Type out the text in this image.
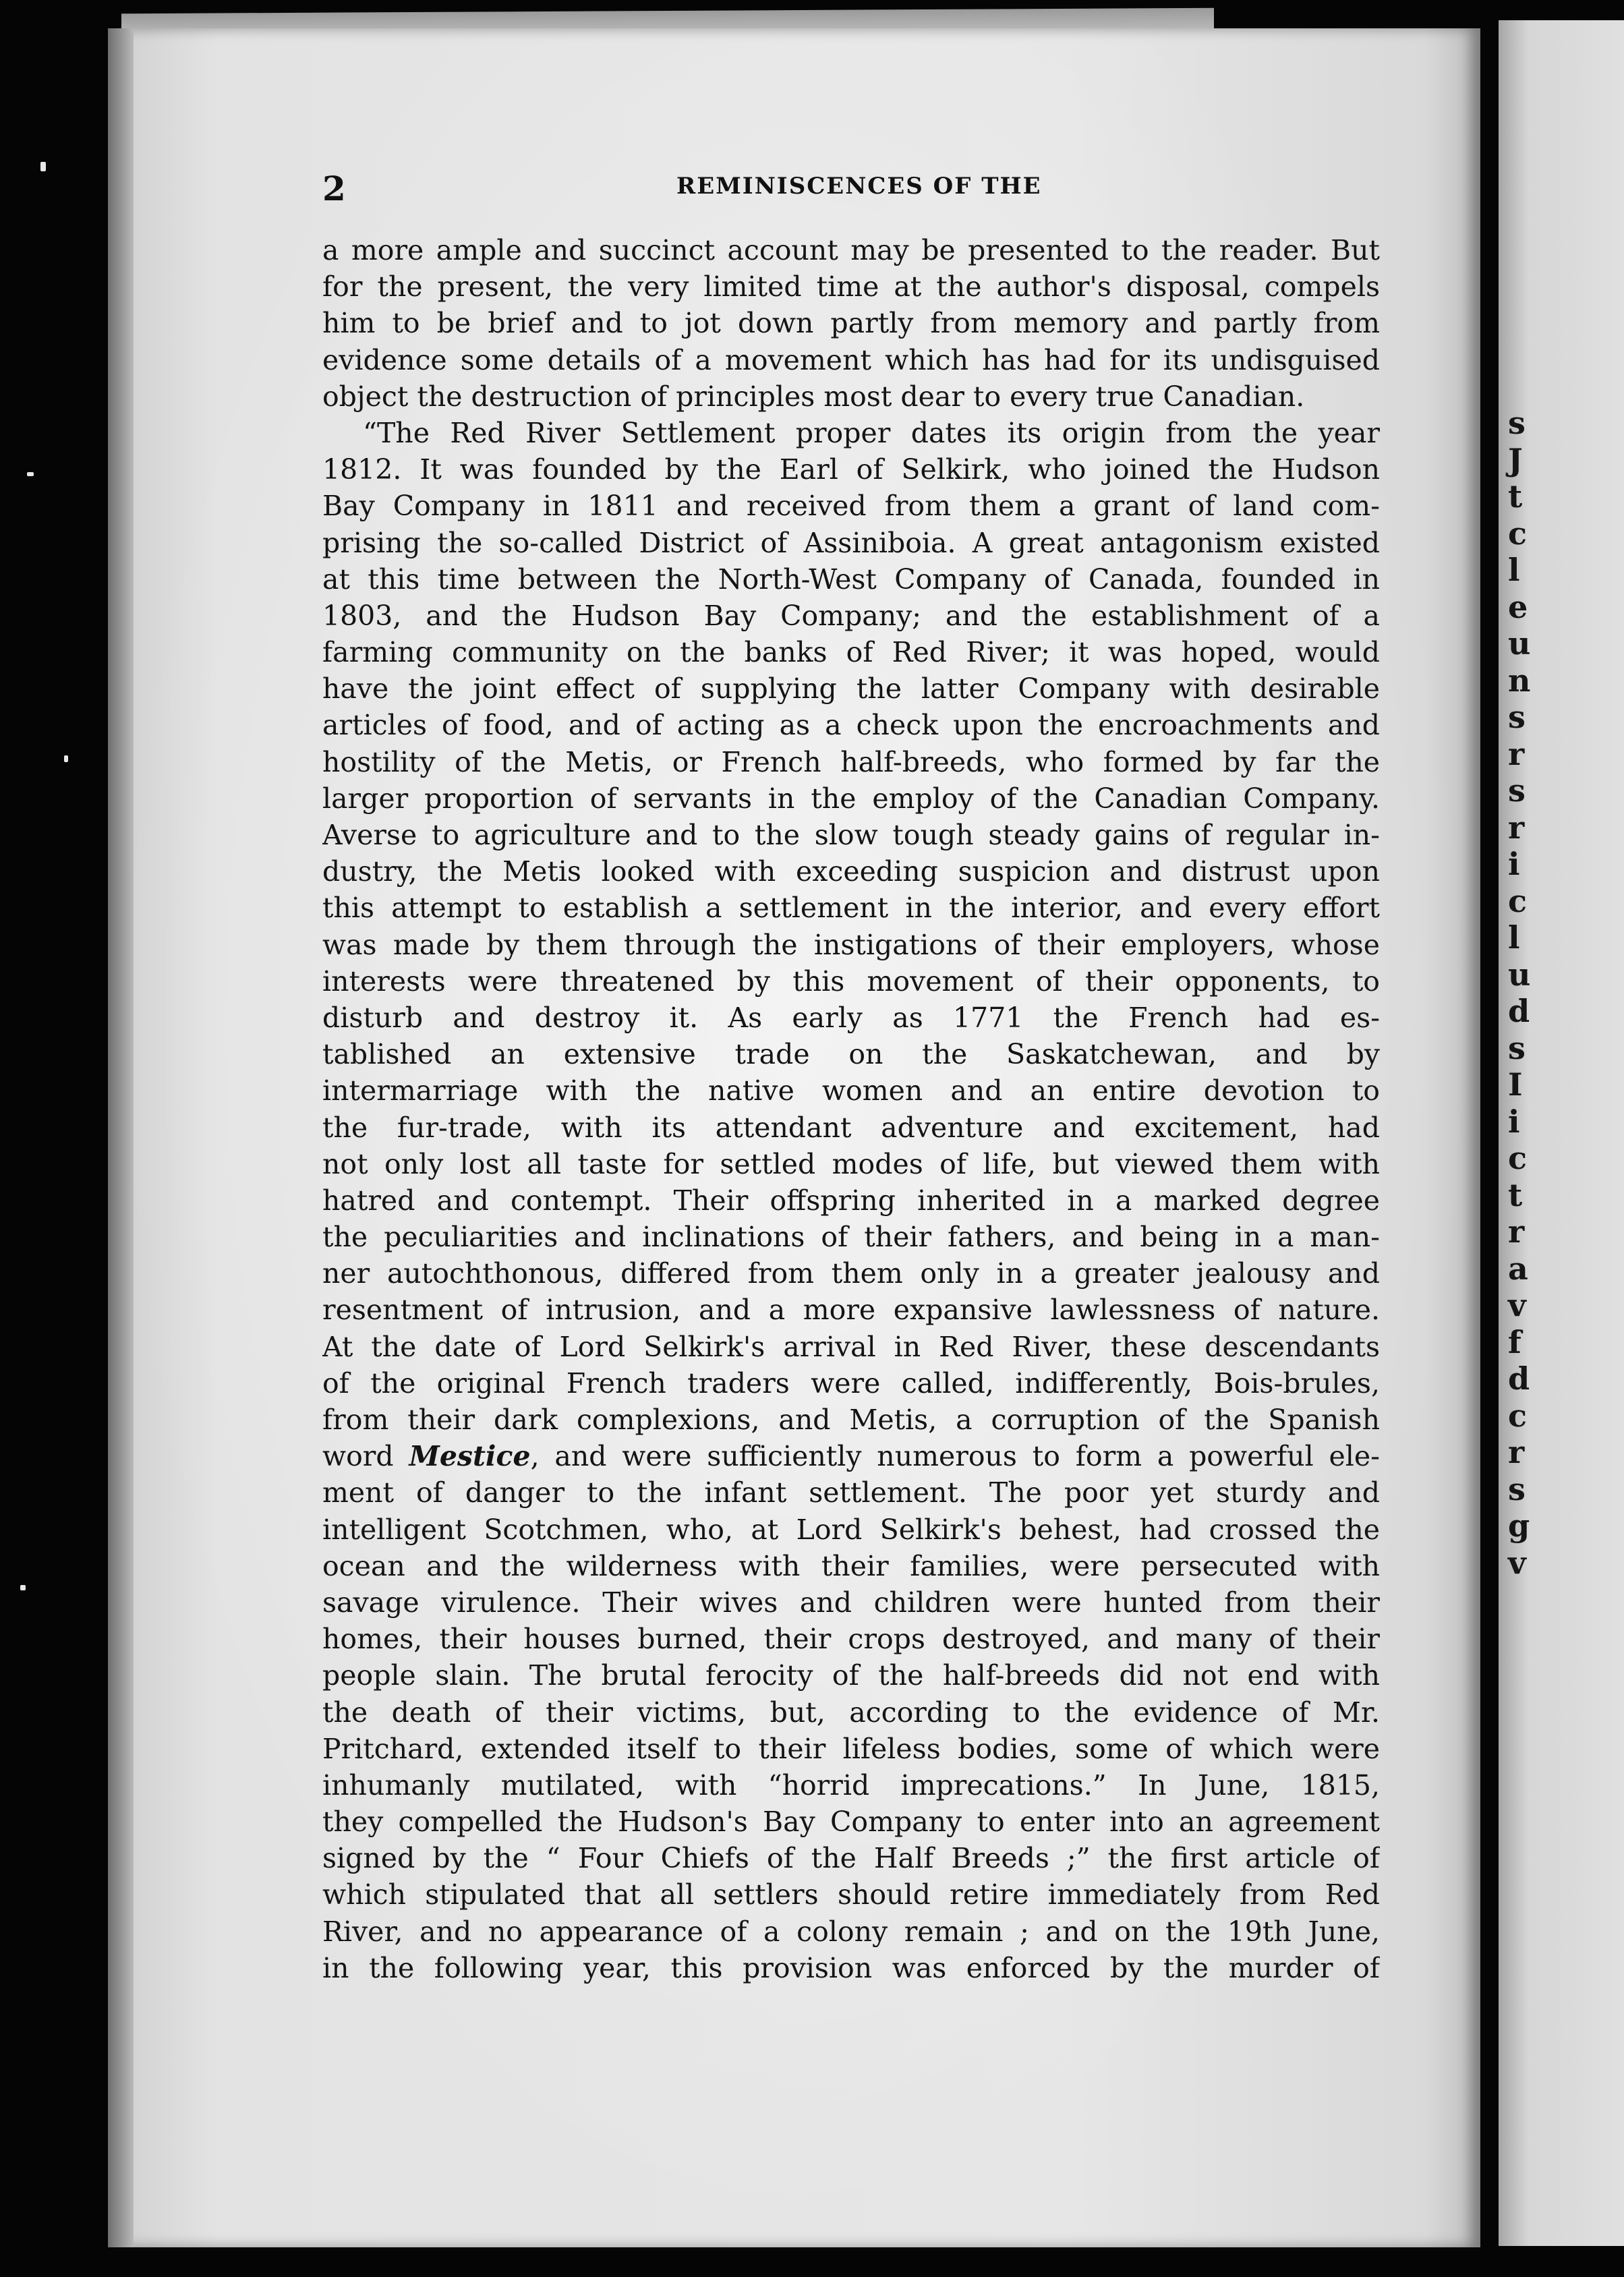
s
J
t
c
l
e
u
n
s
r
s
r
i
c
l
u
d
s
I
i
c
t
r
a
v
f
d
c
r
s
g
v
2	REMINISCENCES OF THE
a more ample and succinct account may be presented to the reader. But
for the present, the very limited time at the author's disposal, compels
him to be brief and to jot down partly from memory and partly from
evidence some details of a movement which has had for its undisguised
object the destruction of principles most dear to every true Canadian.
“The Red River Settlement proper dates its origin from the year
1812. It was founded by the Earl of Selkirk, who joined the Hudson
Bay Company in 1811 and received from them a grant of land com-
prising the so-called District of Assiniboia. A great antagonism existed
at this time between the North-West Company of Canada, founded in
1803, and the Hudson Bay Company; and the establishment of a
farming community on the banks of Red River; it was hoped, would
have the joint effect of supplying the latter Company with desirable
articles of food, and of acting as a check upon the encroachments and
hostility of the Metis, or French half-breeds, who formed by far the
larger proportion of servants in the employ of the Canadian Company.
Averse to agriculture and to the slow tough steady gains of regular in-
dustry, the Metis looked with exceeding suspicion and distrust upon
this attempt to establish a settlement in the interior, and every effort
was made by them through the instigations of their employers, whose
interests were threatened by this movement of their opponents, to
disturb and destroy it. As early as 1771 the French had es-
tablished an extensive trade on the Saskatchewan, and by
intermarriage with the native women and an entire devotion to
the fur-trade, with its attendant adventure and excitement, had
not only lost all taste for settled modes of life, but viewed them with
hatred and contempt. Their offspring inherited in a marked degree
the peculiarities and inclinations of their fathers, and being in a man-
ner autochthonous, differed from them only in a greater jealousy and
resentment of intrusion, and a more expansive lawlessness of nature.
At the date of Lord Selkirk's arrival in Red River, these descendants
of the original French traders were called, indifferently, Bois-brules,
from their dark complexions, and Metis, a corruption of the Spanish
word Mestice, and were sufficiently numerous to form a powerful ele-
ment of danger to the infant settlement. The poor yet sturdy and
intelligent Scotchmen, who, at Lord Selkirk's behest, had crossed the
ocean and the wilderness with their families, were persecuted with
savage virulence. Their wives and children were hunted from their
homes, their houses burned, their crops destroyed, and many of their
people slain. The brutal ferocity of the half-breeds did not end with
the death of their victims, but, according to the evidence of Mr.
Pritchard, extended itself to their lifeless bodies, some of which were
inhumanly mutilated, with “horrid imprecations.” In June, 1815,
they compelled the Hudson's Bay Company to enter into an agreement
signed by the “ Four Chiefs of the Half Breeds ;” the first article of
which stipulated that all settlers should retire immediately from Red
River, and no appearance of a colony remain ; and on the 19th June,
in the following year, this provision was enforced by the murder of
